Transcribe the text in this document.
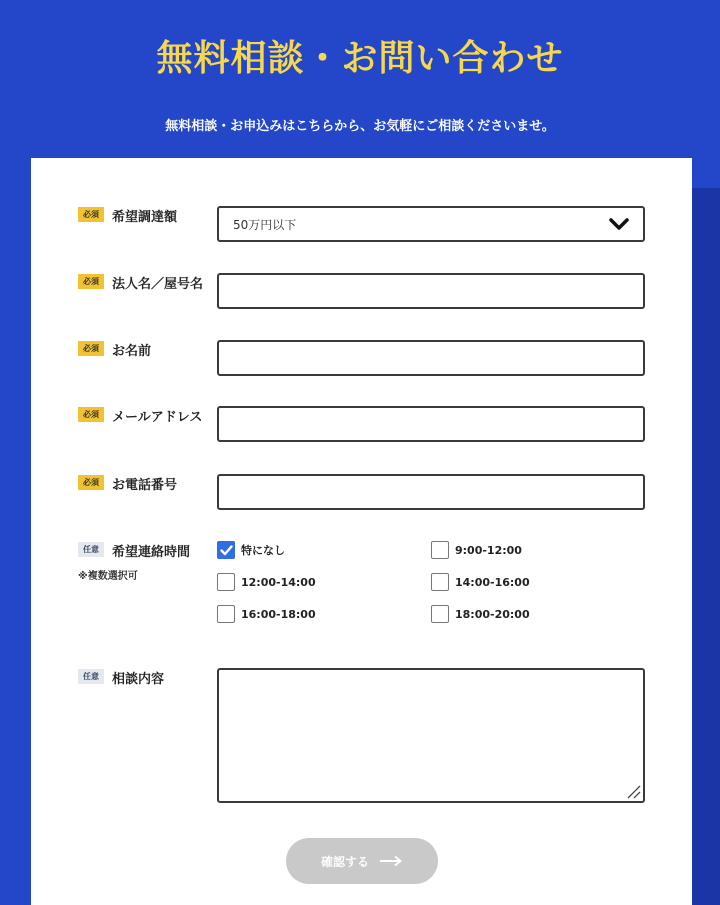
無料相談・お問い合わせ

無料相談・お申込みはこちらから、お気軽にご相談くださいませ。

必須	希望調達額	50万円以下
必須	法人名／屋号名
必須	お名前
必須	メールアドレス
必須	お電話番号
任意	希望連絡時間
※複数選択可
特になし	9:00-12:00
12:00-14:00	14:00-16:00
16:00-18:00	18:00-20:00
任意	相談内容
確認する
